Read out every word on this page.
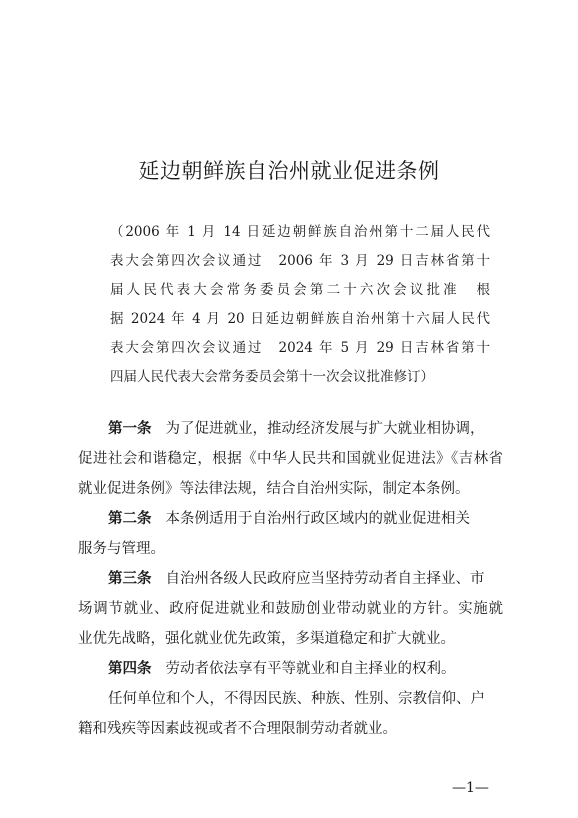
延边朝鲜族自治州就业促进条例
（2006 年 1 月 14 日延边朝鲜族自治州第十二届人民代
表大会第四次会议通过　2006 年 3 月 29 日吉林省第十
届人民代表大会常务委员会第二十六次会议批准　根
据 2024 年 4 月 20 日延边朝鲜族自治州第十六届人民代
表大会第四次会议通过　2024 年 5 月 29 日吉林省第十
四届人民代表大会常务委员会第十一次会议批准修订）
第一条 为了促进就业，推动经济发展与扩大就业相协调，
促进社会和谐稳定，根据《中华人民共和国就业促进法》《吉林省
就业促进条例》等法律法规，结合自治州实际，制定本条例。
第二条 本条例适用于自治州行政区域内的就业促进相关
服务与管理。
第三条 自治州各级人民政府应当坚持劳动者自主择业、市
场调节就业、政府促进就业和鼓励创业带动就业的方针。实施就
业优先战略，强化就业优先政策，多渠道稳定和扩大就业。
第四条 劳动者依法享有平等就业和自主择业的权利。
任何单位和个人，不得因民族、种族、性别、宗教信仰、户
籍和残疾等因素歧视或者不合理限制劳动者就业。
—1—
